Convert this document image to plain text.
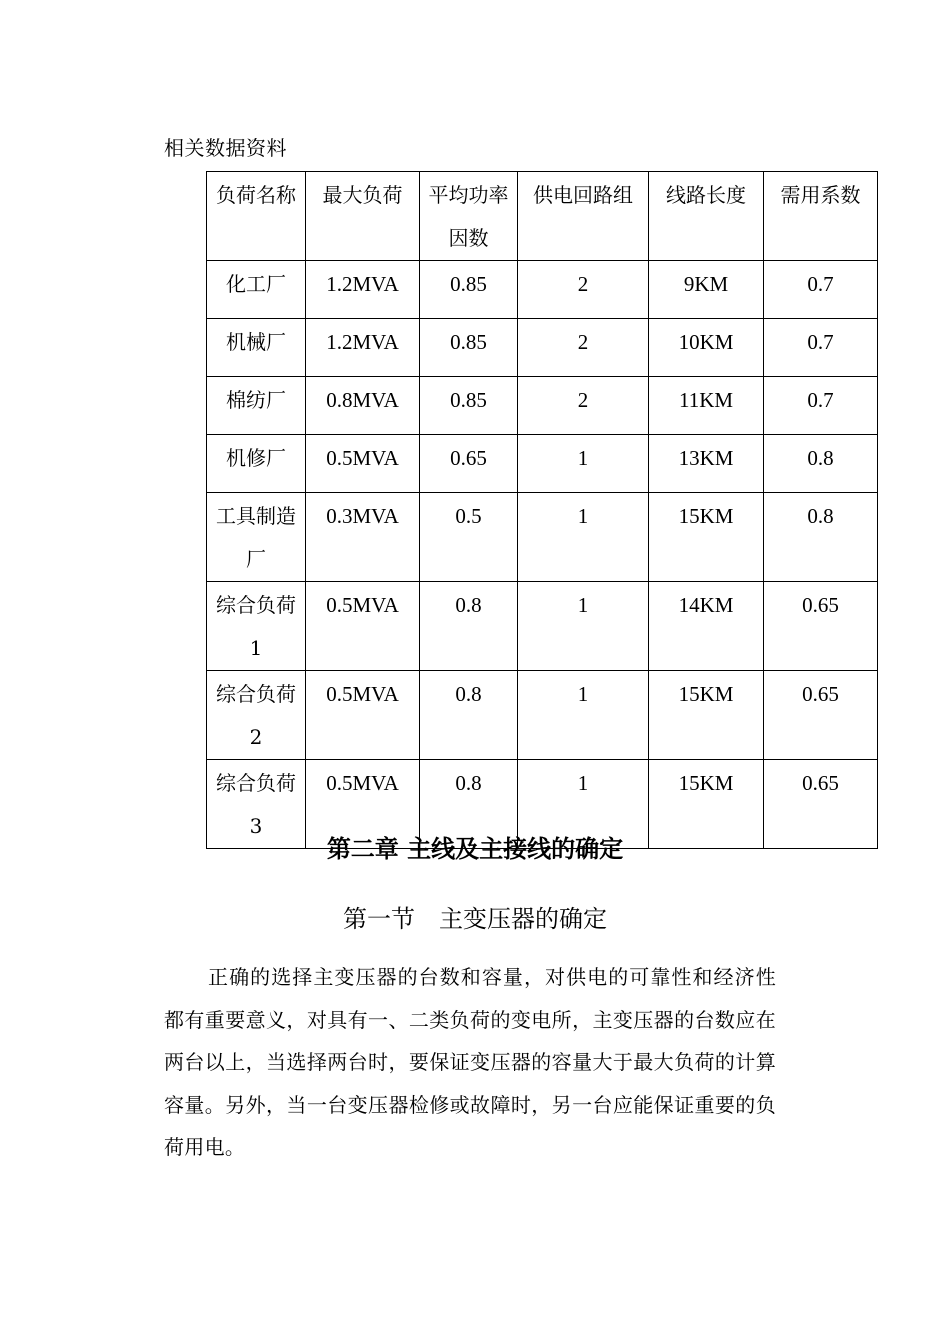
相关数据资料
负荷名称	最大负荷	平均功率因数	供电回路组	线路长度	需用系数
化工厂	1.2MVA	0.85	2	9KM	0.7
机械厂	1.2MVA	0.85	2	10KM	0.7
棉纺厂	0.8MVA	0.85	2	11KM	0.7
机修厂	0.5MVA	0.65	1	13KM	0.8
工具制造厂	0.3MVA	0.5	1	15KM	0.8
综合负荷 1	0.5MVA	0.8	1	14KM	0.65
综合负荷 2	0.5MVA	0.8	1	15KM	0.65
综合负荷 3	0.5MVA	0.8	1	15KM	0.65
第二章 主线及主接线的确定
第一节　主变压器的确定
正确的选择主变压器的台数和容量，对供电的可靠性和经济性都有重要意义，对具有一、二类负荷的变电所，主变压器的台数应在两台以上，当选择两台时，要保证变压器的容量大于最大负荷的计算容量。另外，当一台变压器检修或故障时，另一台应能保证重要的负荷用电。
